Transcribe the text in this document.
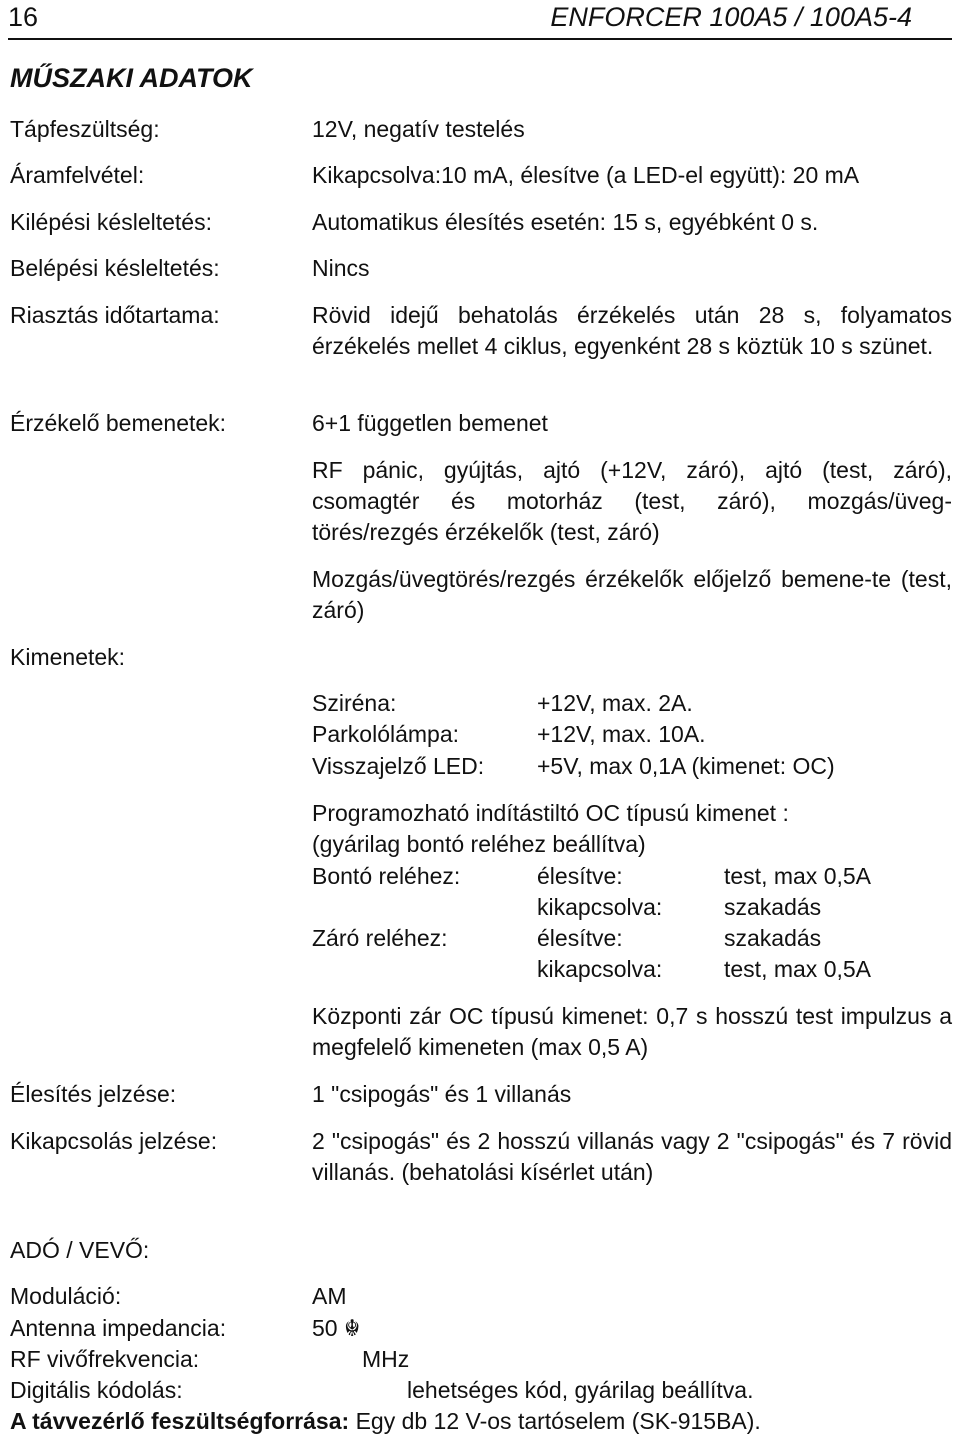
16	ENFORCER 100A5 / 100A5-4
MŰSZAKI ADATOK
Tápfeszültség:	12V, negatív testelés
Áramfelvétel:	Kikapcsolva:10 mA, élesítve (a LED-el együtt): 20 mA
Kilépési késleltetés:	Automatikus élesítés esetén: 15 s, egyébként 0 s.
Belépési késleltetés:	Nincs
Riasztás időtartama:	Rövid idejű behatolás érzékelés után 28 s, folyamatos érzékelés mellet 4 ciklus, egyenként 28 s köztük 10 s szünet.
Érzékelő bemenetek:	6+1 független bemenet
RF pánic, gyújtás, ajtó (+12V, záró), ajtó (test, záró), csomagtér és motorház (test, záró), mozgás/üveg-törés/rezgés érzékelők (test, záró)
Mozgás/üvegtörés/rezgés érzékelők előjelző bemene-te (test, záró)
Kimenetek:
Sziréna:	+12V, max. 2A.
Parkolólámpa:	+12V, max. 10A.
Visszajelző LED: +5V, max 0,1A (kimenet: OC)
Programozható indítástiltó OC típusú kimenet :
(gyárilag bontó reléhez beállítva)
Bontó reléhez:	élesítve:	test, max 0,5A
kikapcsolva:	szakadás
Záró reléhez:	élesítve:	szakadás
kikapcsolva:	test, max 0,5A
Központi zár OC típusú kimenet: 0,7 s hosszú test impulzus a megfelelő kimeneten (max 0,5 A)
Élesítés jelzése:	1 "csipogás" és 1 villanás
Kikapcsolás jelzése:	2 "csipogás" és 2 hosszú villanás vagy 2 "csipogás" és 7 rövid villanás. (behatolási kísérlet után)
ADÓ / VEVŐ:
Moduláció:	AM
Antenna impedancia:	50 ☬
RF vivőfrekvencia:	MHz
Digitális kódolás:	lehetséges kód, gyárilag beállítva.
A távvezérlő feszültségforrása: Egy db 12 V-os tartóselem (SK-915BA).
